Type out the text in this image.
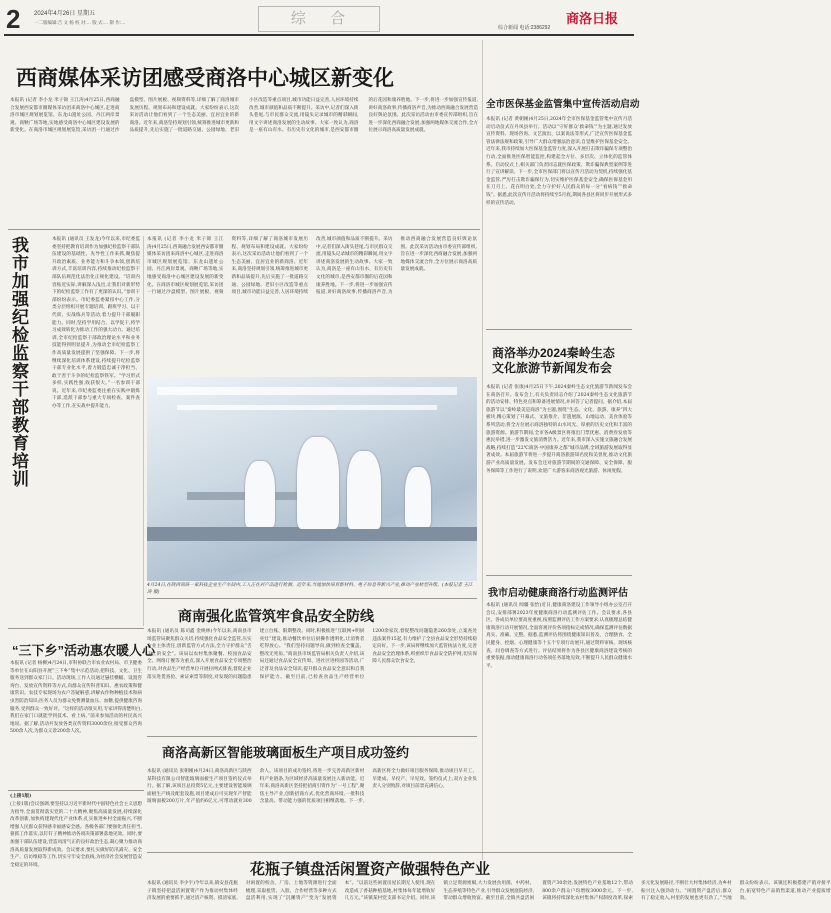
2 2024年4月26日 星期五
一二版编辑:吉 文 杨 校 对:… 版 式:… 制 作:…	综 合	商洛日报
综合新闻 电话:2386292
西商媒体采访团感受商洛中心城区新变化
本报讯 (记者 李小龙 米子锦 王江涛)4月25日,西商融合发展西安都市圈媒体采访团来商洛中心城区,走进商洛市城区规划展览馆、东龙山遗址公园、丹江两岸景观、商鞅广场等地,实地感受商洛中心城区建设发展的新变化。在商洛市城区规划展览馆,采访团一行通过沙盘模型、图片展板、视频资料等,详细了解了商洛城市发展历程、规划布局和建设成就。大家纷纷表示,这次采访活动让他们看到了一个生态美丽、宜居宜业的新商洛。近年来,商洛坚持规划引领,统筹推进城市更新和品质提升,先后实施了一批道路交通、公园绿地、老旧小区改造等重点项目,城市功能日益完善,人居环境持续改善,城市颜值和品质不断提升。采访中,记者们深入街头巷尾,与市民群众交流,用镜头记录城市的精彩瞬间,用文字讲述商洛发展的生动故事。大家一致认为,商洛是一座有山有水、有历史有文化的城市,是西安都市圈的后花园和康养胜地。下一步,将进一步加强宣传报道,讲好商洛故事,传播商洛声音,为推动西商融合发展营造良好舆论氛围。此次采访活动由市委宣传部组织,旨在进一步深化西商融合发展,加强两地媒体交流合作,全方位展示商洛高质量发展成就。
我市加强纪检监察干部教育培训	本报讯 (通讯员 王发龙)今年以来,市纪委监委坚持把教育培训作为加强纪检监察干部队伍建设的基础性、先导性工作来抓,聚焦提升政治素质、业务能力和斗争本领,创新培训方式,丰富培训内容,持续推动纪检监察干部队伍规范化法治化正规化建设。“培训内容贴近实际,讲解深入浅出,让我们对新形势下的纪检监察工作有了更深的认识。”参训干部纷纷表示。市纪委监委紧扣中心工作,分类分层组织开展专题培训、跟班学习、以干代训、实战练兵等活动,着力提升干部履职能力。同时,坚持学用结合、以学促干,将学习成效转化为推动工作的强大动力。通过培训,全市纪检监察干部政治理论水平和业务技能得到明显提升,为推动全市纪检监察工作高质量发展提供了坚强保障。下一步,将继续深化培训体系建设,持续提升纪检监察干部专业化水平,着力锻造忠诚干净担当、敢于善于斗争的纪检监察铁军。“学习形式多样,实践性强,收获很大。”一名参训干部说。近年来,市纪委监委注重在实践中锻炼干部,选派干部参与重大专项检查、案件查办等工作,在实战中提升能力。
本报讯 (记者 李小龙 米子锦 王江涛)4月25日,西商融合发展西安都市圈媒体采访团来商洛中心城区,走进商洛市城区规划展览馆、东龙山遗址公园、丹江两岸景观、商鞅广场等地,实地感受商洛中心城区建设发展的新变化。在商洛市城区规划展览馆,采访团一行通过沙盘模型、图片展板、视频资料等,详细了解了商洛城市发展历程、规划布局和建设成就。大家纷纷表示,这次采访活动让他们看到了一个生态美丽、宜居宜业的新商洛。近年来,商洛坚持规划引领,统筹推进城市更新和品质提升,先后实施了一批道路交通、公园绿地、老旧小区改造等重点项目,城市功能日益完善,人居环境持续改善,城市颜值和品质不断提升。采访中,记者们深入街头巷尾,与市民群众交流,用镜头记录城市的精彩瞬间,用文字讲述商洛发展的生动故事。大家一致认为,商洛是一座有山有水、有历史有文化的城市,是西安都市圈的后花园和康养胜地。下一步,将进一步加强宣传报道,讲好商洛故事,传播商洛声音,为推动西商融合发展营造良好舆论氛围。此次采访活动由市委宣传部组织,旨在进一步深化西商融合发展,加强两地媒体交流合作,全方位展示商洛高质量发展成就。
4月24日,在陕西商洛一家科技企业生产车间内,工人正在对产品进行检测。近年来,当地加快培育新材料、电子信息等新兴产业,推动产业转型升级。(本报记者 王江涛 摄)
全市医保基金监管集中宣传活动启动
本报讯 (记者 黄朝刚)4月25日,2024年全市医保基金监管集中宣传月活动启动仪式在丹凤县举行。活动以“守好群众‘救命钱’”为主题,通过发放宣传资料、现场咨询、文艺演出、以案说法等形式,广泛宣传医保基金监管法律法规和政策,引导广大群众增强法治意识,自觉维护医保基金安全。近年来,我市持续加大医保基金监管力度,深入开展打击欺诈骗保专项整治行动,全面推进医保智能监控,构建起全方位、多层次、立体化的监管体系。启动仪式上,相关部门负责同志就医保政策、欺诈骗保典型案例等进行了宣讲解读。下一步,全市医保部门将以宣传月活动为契机,持续强化基金监管,严厉打击欺诈骗保行为,切实维护医保基金安全,确保医保基金用在刀刃上、花在明白处,全力守护好人民群众的每一分“看病钱”“救命钱”。据悉,此次宣传月活动将持续至5月底,期间各县区将同步开展形式多样的宣传活动。
商洛举办2024秦岭生态文化旅游节新闻发布会
本报讯 (记者 张康)4月25日下午,2024秦岭生态文化旅游节新闻发布会在商洛召开。发布会上,有关负责同志介绍了2024秦岭生态文化旅游节的活动安排、特色亮点和筹备进展情况,并回答了记者提问。据介绍,本届旅游节以“秦岭最美是商洛”为主题,围绕“生态、文化、旅游、康养”四大板块,精心策划了开幕式、文旅推介、非遗展演、山地运动、美食体验等系列活动,将全方位展示商洛独特的山水风光、厚重的历史文化和丰富的旅游资源。旅游节期间,全市各A级景区将推出门票优惠、消费券发放等惠民举措,进一步激发文旅消费活力。近年来,我市深入实施文旅融合发展战略,持续打造“22℃商洛·中国康养之都”城市品牌,全域旅游发展取得显著成效。本届旅游节将进一步提升商洛旅游知名度和美誉度,推动文化旅游产业高质量发展。发布会还对旅游节期间的交通保障、安全保障、服务保障等工作进行了说明,欢迎广大游客来商洛观光旅游、休闲度假。
我市启动健康商洛行动监测评估
本报讯 (通讯员 闻疆 张怡)近日,健康商洛建设工作领导小组办公室召开会议,安排部署2023年度健康商洛行动监测评估工作。会议要求,各县区、各成员单位要高度重视,按照监测评估工作方案要求,认真梳理总结健康商洛行动开展情况,全面客观评价各项指标完成情况,确保监测评估数据真实、准确、完整。据悉,监测评估将围绕健康知识普及、合理膳食、全民健身、控烟、心理健康等十五个专项行动展开,通过资料审核、现场核查、问卷调查等方式进行。评估结果将作为各县区健康商洛建设考核的重要依据,推动健康商洛行动各项任务落地见效,不断提升人民群众健康水平。
商南强化监管筑牢食品安全防线
本报讯 (通讯员 陈司鑫 金焕林)今年以来,商南县市场监管局聚焦群众关切,持续强化食品安全监管,压实企业主体责任,创新监管方式方法,全力守护群众“舌尖上的安全”。该局以农村集体聚餐、校园食品安全、网络订餐等为重点,深入开展食品安全专项整治行动,对食品生产经营单位开展拉网式排查,督促企业落实进货查验、索证索票等制度,对发现的问题隐患建立台账、限期整改。同时,积极推进“互联网+明厨亮灶”建设,推动餐饮单位后厨操作透明化,让消费者吃得放心。“我们坚持问题导向,做到检查全覆盖、整改无死角。”商南县市场监管局相关负责人介绍,该局还通过食品安全宣传周、进社区进校园等活动,广泛普及食品安全知识,提升群众食品安全意识和自我保护能力。截至目前,已检查食品生产经营单位1200余家次,督促整改问题隐患260余处,立案查处违法案件15起,有力维护了全县食品安全形势持续稳定向好。下一步,该局将继续加大监管执法力度,完善食品安全治理体系,织密织牢食品安全防护网,切实保障人民群众饮食安全。
“三下乡”活动惠农暖人心
本报讯 (记者 杨柳)4月24日,市科协联合市农业农村局、市卫健委等单位在山阳县开展“三下乡”集中示范活动,把科技、文化、卫生服务送到群众家门口。活动现场,工作人员通过悬挂横幅、设置咨询台、发放宣传资料等方式,向群众宣传科普知识、惠农政策和健康常识。农技专家现场为农户答疑解惑,讲解农作物种植技术和病虫害防治知识;医务人员为群众免费测量血压、血糖,提供健康咨询服务,受到群众一致好评。“这样的活动很实用,专家讲得清楚明白,我们在家门口就能学到技术、看上病。”前来参加活动的村民高兴地说。据了解,活动共发放各类宣传资料3000余份,接受群众咨询500余人次,为群众义诊200余人次。
商洛高新区智能玻璃面板生产项目成功签约
本报讯 (通讯员 张朝刚)4月24日,商洛高新区与陕西某科技有限公司智能玻璃面板生产项目签约仪式举行。据了解,该项目总投资5亿元,主要建设智能玻璃面板生产线及配套设施,项目建成后可实现年产智能玻璃面板200万片,年产值约6亿元,可带动就业300余人。该项目的成功签约,将进一步完善高新区新材料产业链条,为区域经济高质量发展注入新动能。近年来,商洛高新区坚持把招商引资作为“一号工程”,聚焦主导产业,创新招商方式,优化营商环境,一批科技含量高、带动能力强的优质项目相继落地。下一步,高新区将全力做好项目服务保障,推动项目早开工、早建成、早投产、早见效。签约仪式上,双方企业负责人分别致辞,对项目前景充满信心。
(上接1版)
(上接1版)会议强调,要坚持以习近平新时代中国特色社会主义思想为指导,全面贯彻落实党的二十大精神,聚焦高质量发展,持续深化改革创新,加快构建现代化产业体系,扎实推进乡村全面振兴,不断增强人民群众获得感幸福感安全感。各级各部门要强化责任担当,狠抓工作落实,以钉钉子精神推动各项决策部署落地见效。同时,要加强干部队伍建设,营造风清气正的良好政治生态,凝心聚力推动商洛高质量发展取得新成效。会议要求,要扎实做好防汛减灾、安全生产、信访维稳等工作,切实守牢安全底线,为经济社会发展营造安全稳定的环境。	花瓶子镇盘活闲置资产做强特色产业
本报讯 (通讯员 李少宇)今年以来,镇安县花瓶子镇坚持把盘活闲置资产作为推动村集体经济发展的重要抓手,通过清产核资、摸清家底,对闲置的校舍、厂房、土地等资源进行全面梳理,采取租赁、入股、合作经营等多种方式盘活利用,实现了“沉睡资产”变为“发展资本”。“以前这些闲置房屋长期无人使用,现在改造成了香菇种植基地,村集体每年能增收好几万元。”该镇某村党支部书记介绍。同时,该镇立足资源禀赋,大力发展食用菌、中药材、生态养殖等特色产业,引导群众发展庭院经济,带动群众增收致富。截至目前,全镇共盘活闲置资产30余处,发展特色产业基地12个,带动800余户群众户均增收3000余元。下一步,该镇将持续深化农村集体产权制度改革,探索多元化发展路径,不断壮大村集体经济,为乡村振兴注入强劲动力。“闲置资产盘活后,群众有了稳定收入,村里的发展也更有劲了。”当地群众纷纷表示。该镇还积极搭建产销对接平台,拓宽特色产品销售渠道,推动产业提质增效。
